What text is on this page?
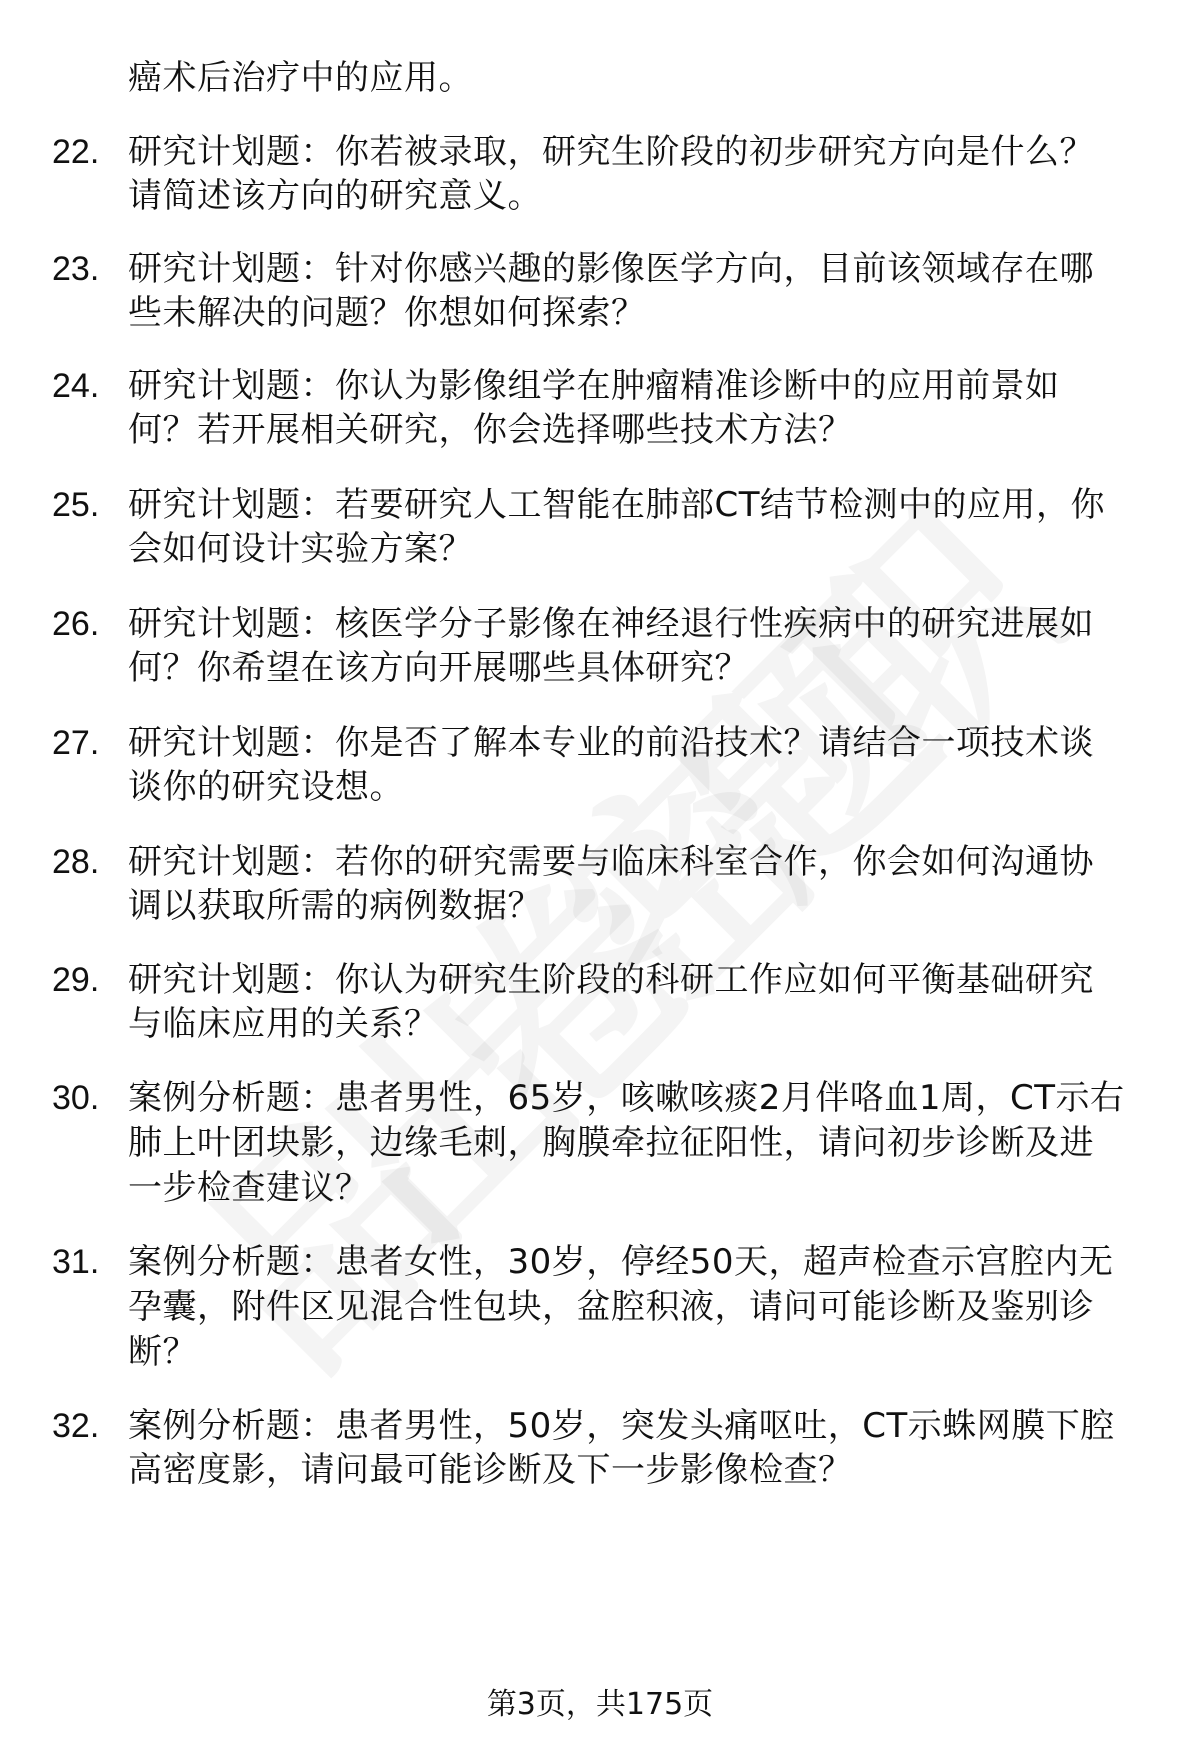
癌术后治疗中的应用。
22. 研究计划题：你若被录取，研究生阶段的初步研究方向是什么？
请简述该方向的研究意义。
23. 研究计划题：针对你感兴趣的影像医学方向，目前该领域存在哪
些未解决的问题？你想如何探索？
24. 研究计划题：你认为影像组学在肿瘤精准诊断中的应用前景如
何？若开展相关研究，你会选择哪些技术方法？
25. 研究计划题：若要研究人工智能在肺部CT结节检测中的应用，你
会如何设计实验方案？
26. 研究计划题：核医学分子影像在神经退行性疾病中的研究进展如
何？你希望在该方向开展哪些具体研究？
27. 研究计划题：你是否了解本专业的前沿技术？请结合一项技术谈
谈你的研究设想。
28. 研究计划题：若你的研究需要与临床科室合作，你会如何沟通协
调以获取所需的病例数据？
29. 研究计划题：你认为研究生阶段的科研工作应如何平衡基础研究
与临床应用的关系？
30. 案例分析题：患者男性，65岁，咳嗽咳痰2月伴咯血1周，CT示右
肺上叶团块影，边缘毛刺，胸膜牵拉征阳性，请问初步诊断及进
一步检查建议？
31. 案例分析题：患者女性，30岁，停经50天，超声检查示宫腔内无
孕囊，附件区见混合性包块，盆腔积液，请问可能诊断及鉴别诊
断？
32. 案例分析题：患者男性，50岁，突发头痛呕吐，CT示蛛网膜下腔
高密度影，请问最可能诊断及下一步影像检查？
第3页，共175页
